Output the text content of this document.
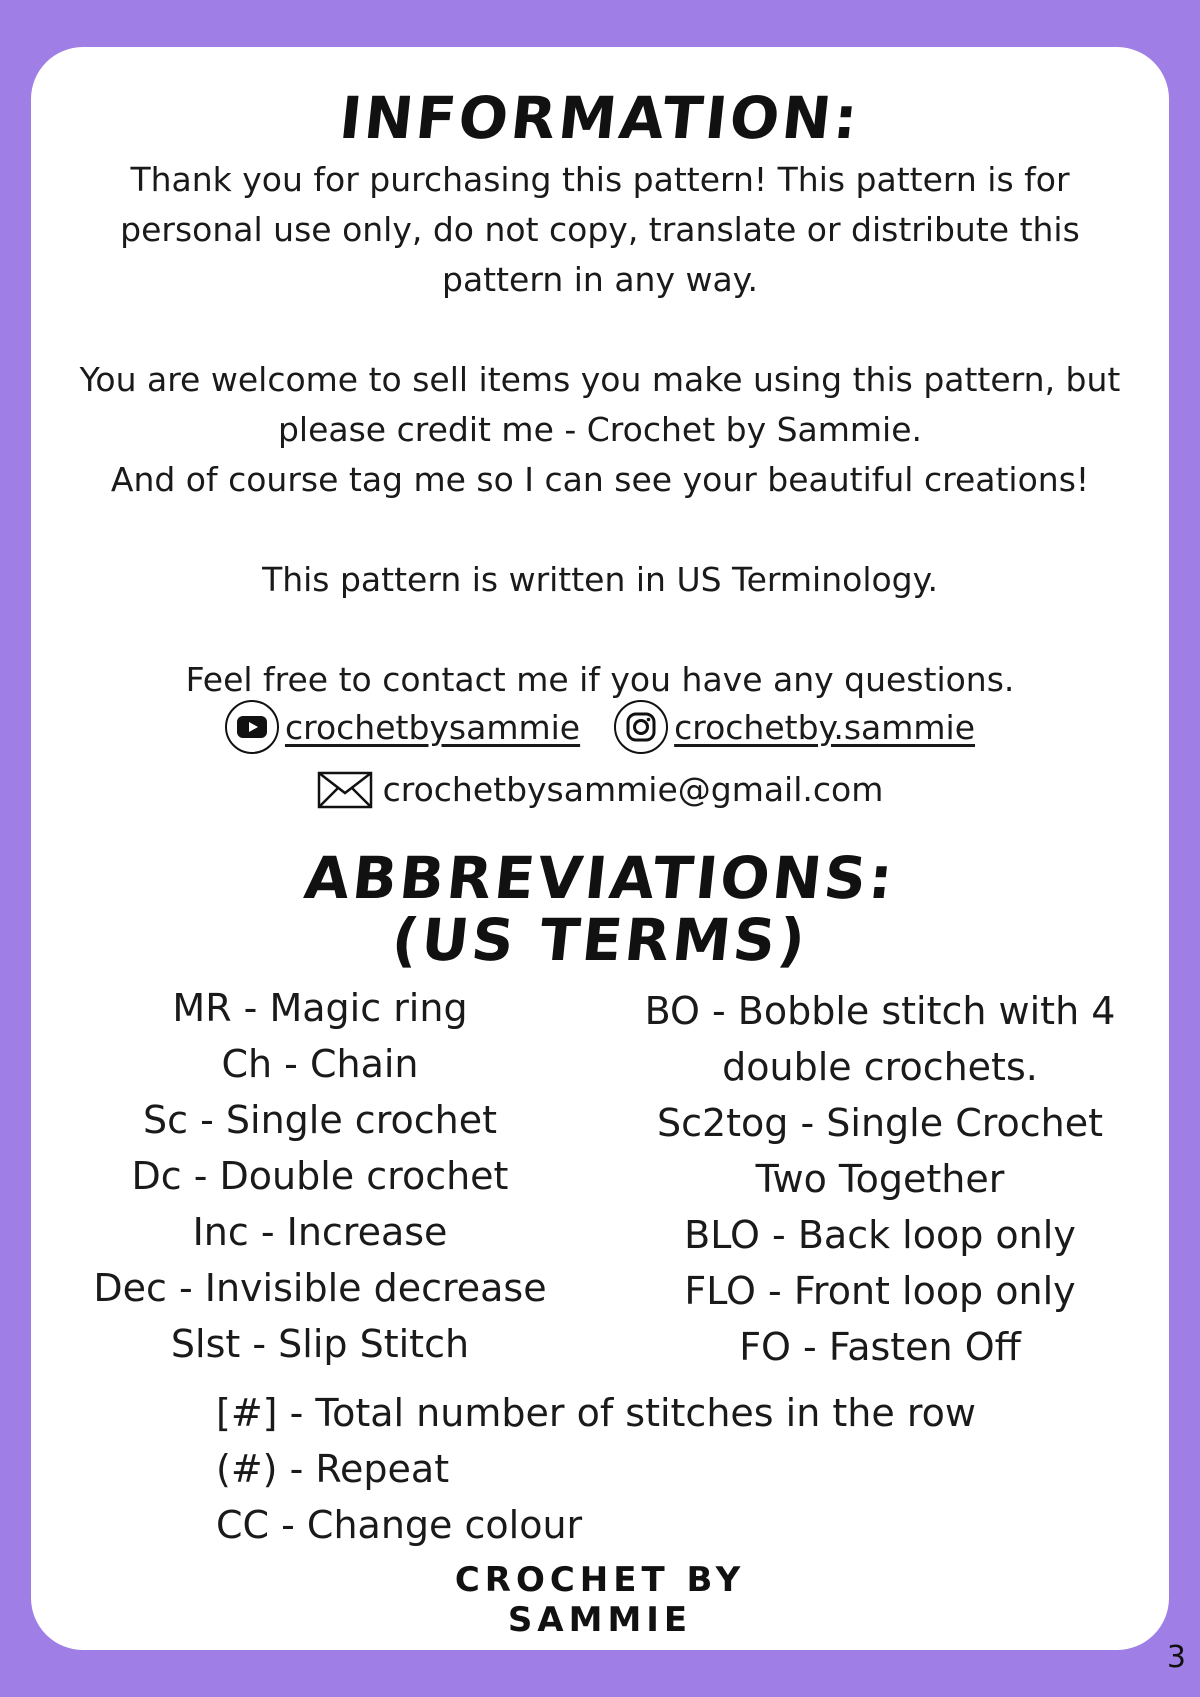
INFORMATION:
Thank you for purchasing this pattern! This pattern is for
personal use only, do not copy, translate or distribute this
pattern in any way.
You are welcome to sell items you make using this pattern, but
please credit me - Crochet by Sammie.
And of course tag me so I can see your beautiful creations!
This pattern is written in US Terminology.
Feel free to contact me if you have any questions.
crochetbysammie	crochetby.sammie
crochetbysammie@gmail.com
ABBREVIATIONS:
(US TERMS)
MR - Magic ring
Ch - Chain
Sc - Single crochet
Dc - Double crochet
Inc - Increase
Dec - Invisible decrease
Slst - Slip Stitch
BO - Bobble stitch with 4
double crochets.
Sc2tog - Single Crochet
Two Together
BLO - Back loop only
FLO - Front loop only
FO - Fasten Off
[#] - Total number of stitches in the row
(#) - Repeat
CC - Change colour
CROCHET BY
SAMMIE
3
